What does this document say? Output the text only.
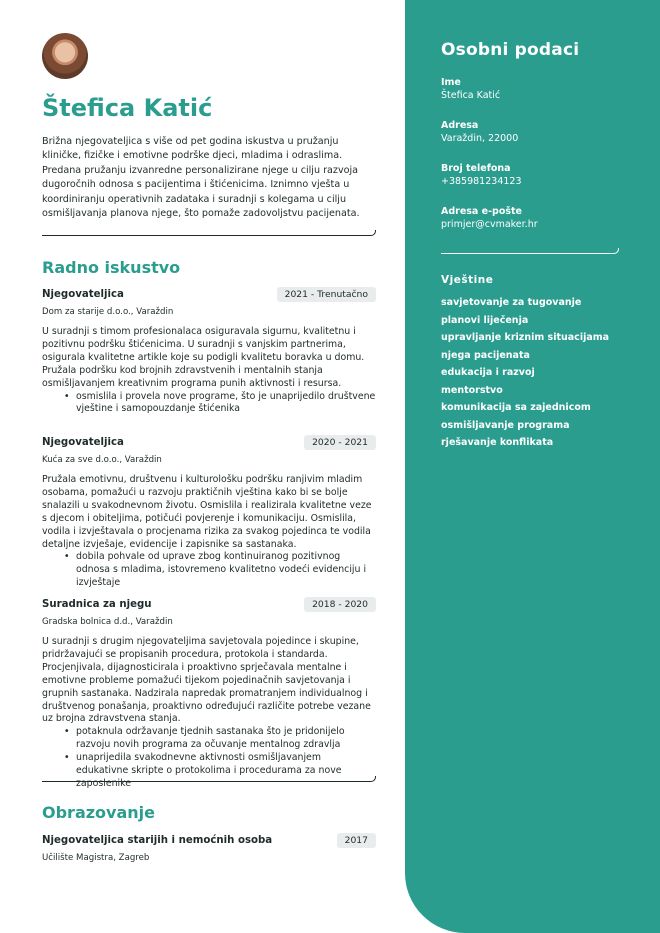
Štefica Katić
Brižna njegovateljica s više od pet godina iskustva u pružanju kliničke, fizičke i emotivne podrške djeci, mladima i odraslima. Predana pružanju izvanredne personalizirane njege u cilju razvoja dugoročnih odnosa s pacijentima i štićenicima. Iznimno vješta u koordiniranju operativnih zadataka i suradnji s kolegama u cilju osmišljavanja planova njege, što pomaže zadovoljstvu pacijenata.
Radno iskustvo
Njegovateljica	2021 - Trenutačno
Dom za starije d.o.o., Varaždin
U suradnji s timom profesionalaca osiguravala sigurnu, kvalitetnu i pozitivnu podršku štićenicima. U suradnji s vanjskim partnerima, osigurala kvalitetne artikle koje su podigli kvalitetu boravka u domu. Pružala podršku kod brojnih zdravstvenih i mentalnih stanja osmišljavanjem kreativnim programa punih aktivnosti i resursa.
• osmislila i provela nove programe, što je unaprijedilo društvene vještine i samopouzdanje štićenika
Njegovateljica	2020 - 2021
Kuća za sve d.o.o., Varaždin
Pružala emotivnu, društvenu i kulturološku podršku ranjivim mladim osobama, pomažući u razvoju praktičnih vještina kako bi se bolje snalazili u svakodnevnom životu. Osmislila i realizirala kvalitetne veze s djecom i obiteljima, potičući povjerenje i komunikaciju. Osmislila, vodila i izvještavala o procjenama rizika za svakog pojedinca te vodila detaljne izvješaje, evidencije i zapisnike sa sastanaka.
• dobila pohvale od uprave zbog kontinuiranog pozitivnog odnosa s mladima, istovremeno kvalitetno vodeći evidenciju i izvještaje
Suradnica za njegu	2018 - 2020
Gradska bolnica d.d., Varaždin
U suradnji s drugim njegovateljima savjetovala pojedince i skupine, pridržavajući se propisanih procedura, protokola i standarda. Procjenjivala, dijagnosticirala i proaktivno sprječavala mentalne i emotivne probleme pomažući tijekom pojedinačnih savjetovanja i grupnih sastanaka. Nadzirala napredak promatranjem individualnog i društvenog ponašanja, proaktivno određujući različite potrebe vezane uz brojna zdravstvena stanja.
• potaknula održavanje tjednih sastanaka što je pridonijelo razvoju novih programa za očuvanje mentalnog zdravlja
• unaprijedila svakodnevne aktivnosti osmišljavanjem edukativne skripte o protokolima i procedurama za nove zaposlenike
Obrazovanje
Njegovateljica starijih i nemoćnih osoba	2017
Učilište Magistra, Zagreb
Osobni podaci
Ime
Štefica Katić
Adresa
Varaždin, 22000
Broj telefona
+385981234123
Adresa e-pošte
primjer@cvmaker.hr
Vještine
savjetovanje za tugovanje
planovi liječenja
upravljanje kriznim situacijama
njega pacijenata
edukacija i razvoj
mentorstvo
komunikacija sa zajednicom
osmišljavanje programa
rješavanje konflikata
